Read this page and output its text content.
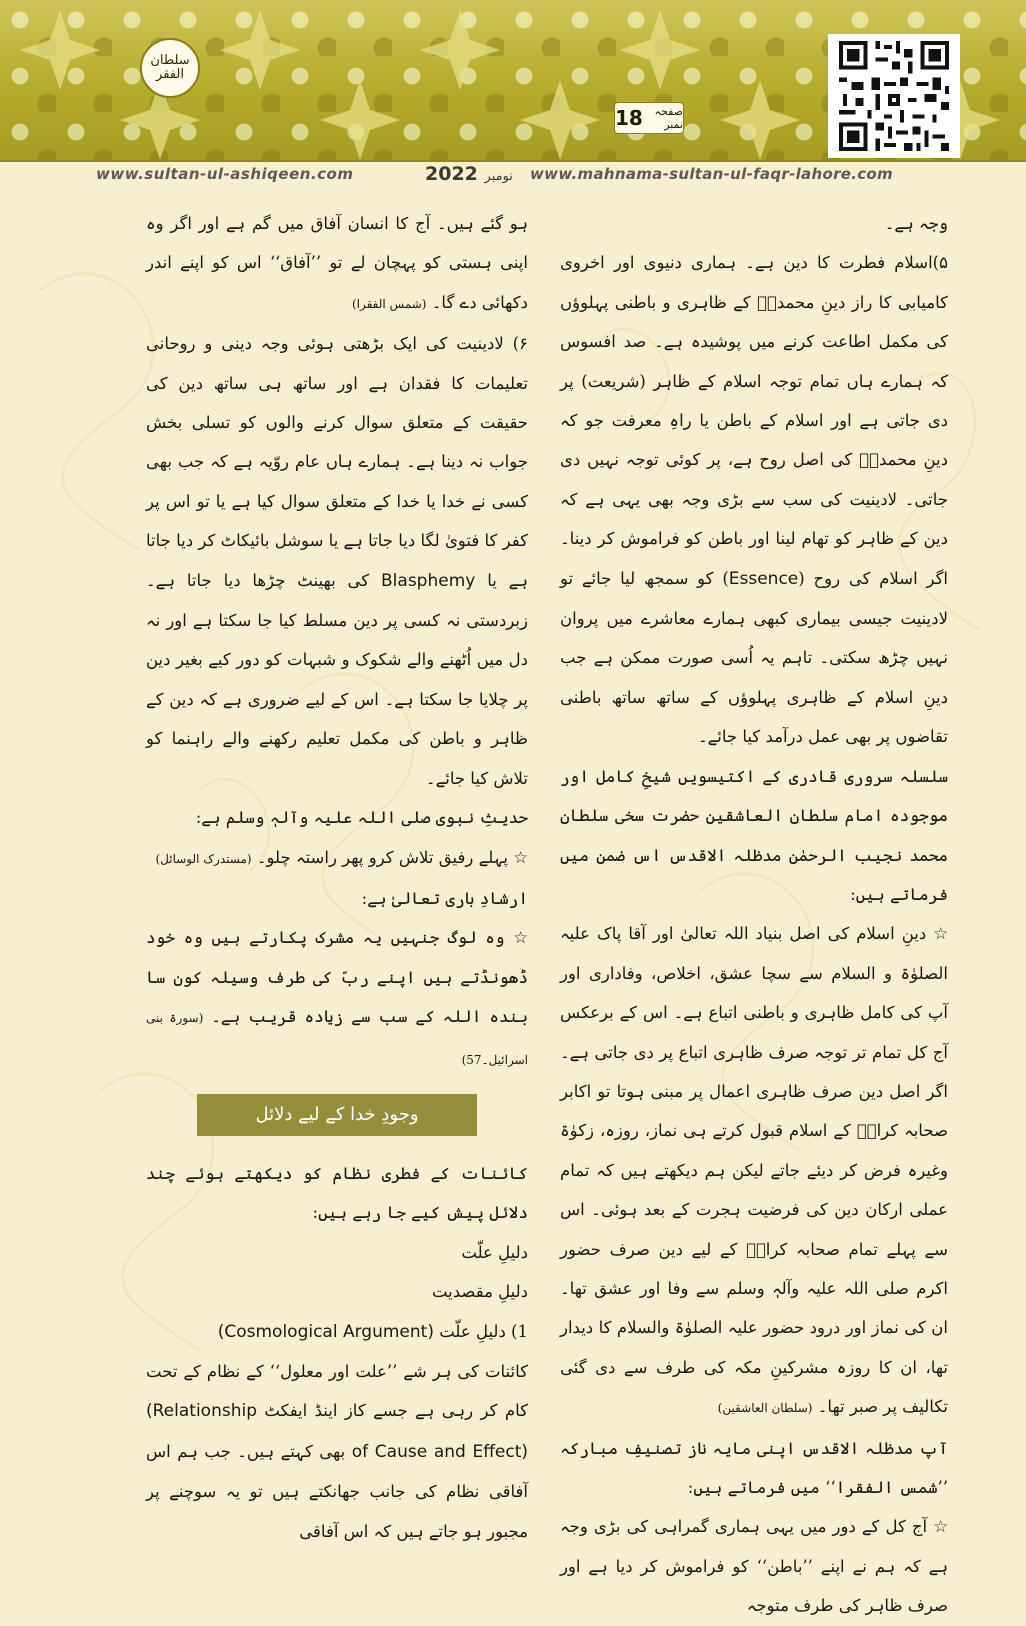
سلطان الفقر
18	صفحہ نمبر
www.sultan-ul-ashiqeen.com	نومبر 2022	www.mahnama-sultan-ul-faqr-lahore.com

وجہ ہے۔

۵)اسلام فطرت کا دین ہے۔ ہماری دنیوی اور اخروی کامیابی کا راز دینِ محمدیؐ کے ظاہری و باطنی پہلوؤں کی مکمل اطاعت کرنے میں پوشیدہ ہے۔ صد افسوس کہ ہمارے ہاں تمام توجہ اسلام کے ظاہر (شریعت) پر دی جاتی ہے اور اسلام کے باطن یا راہِ معرفت جو کہ دینِ محمدیؐ کی اصل روح ہے، پر کوئی توجہ نہیں دی جاتی۔ لادینیت کی سب سے بڑی وجہ بھی یہی ہے کہ دین کے ظاہر کو تھام لینا اور باطن کو فراموش کر دینا۔ اگر اسلام کی روح (Essence) کو سمجھ لیا جائے تو لادینیت جیسی بیماری کبھی ہمارے معاشرے میں پروان نہیں چڑھ سکتی۔ تاہم یہ اُسی صورت ممکن ہے جب دینِ اسلام کے ظاہری پہلوؤں کے ساتھ ساتھ باطنی تقاضوں پر بھی عمل درآمد کیا جائے۔

سلسلہ سروری قادری کے اکتیسویں شیخِ کامل اور موجودہ امام سلطان العاشقین حضرت سخی سلطان محمد نجیب الرحمٰن مدظلہ الاقدس اس ضمن میں فرماتے ہیں:

☆ دینِ اسلام کی اصل بنیاد اللہ تعالیٰ اور آقا پاک علیہ الصلوٰۃ و السلام سے سچا عشق، اخلاص، وفاداری اور آپ کی کامل ظاہری و باطنی اتباع ہے۔ اس کے برعکس آج کل تمام تر توجہ صرف ظاہری اتباع پر دی جاتی ہے۔ اگر اصل دین صرف ظاہری اعمال پر مبنی ہوتا تو اکابر صحابہ کرامؓ کے اسلام قبول کرتے ہی نماز، روزہ، زکوٰۃ وغیرہ فرض کر دیئے جاتے لیکن ہم دیکھتے ہیں کہ تمام عملی ارکان دین کی فرضیت ہجرت کے بعد ہوئی۔ اس سے پہلے تمام صحابہ کرامؓ کے لیے دین صرف حضور اکرم صلی اللہ علیہ وآلہٖ وسلم سے وفا اور عشق تھا۔ ان کی نماز اور درود حضور علیہ الصلوٰۃ والسلام کا دیدار تھا، ان کا روزہ مشرکینِ مکہ کی طرف سے دی گئی تکالیف پر صبر تھا۔ (سلطان العاشقین)

آپ مدظلہ الاقدس اپنی مایہ ناز تصنیفِ مبارکہ ’’شمس الفقرا‘‘ میں فرماتے ہیں:

☆ آج کل کے دور میں یہی ہماری گمراہی کی بڑی وجہ ہے کہ ہم نے اپنے ’’باطن‘‘ کو فراموش کر دیا ہے اور صرف ظاہر کی طرف متوجہ

ہو گئے ہیں۔ آج کا انسان آفاق میں گم ہے اور اگر وہ اپنی ہستی کو پہچان لے تو ’’آفاق‘‘ اس کو اپنے اندر دکھائی دے گا۔ (شمس الفقرا)

۶) لادینیت کی ایک بڑھتی ہوئی وجہ دینی و روحانی تعلیمات کا فقدان ہے اور ساتھ ہی ساتھ دین کی حقیقت کے متعلق سوال کرنے والوں کو تسلی بخش جواب نہ دینا ہے۔ ہمارے ہاں عام روّیہ ہے کہ جب بھی کسی نے خدا یا خدا کے متعلق سوال کیا ہے یا تو اس پر کفر کا فتویٰ لگا دیا جاتا ہے یا سوشل بائیکاٹ کر دیا جاتا ہے یا Blasphemy کی بھینٹ چڑھا دیا جاتا ہے۔ زبردستی نہ کسی پر دین مسلط کیا جا سکتا ہے اور نہ دل میں اُٹھنے والے شکوک و شبہات کو دور کیے بغیر دین پر چلایا جا سکتا ہے۔ اس کے لیے ضروری ہے کہ دین کے ظاہر و باطن کی مکمل تعلیم رکھنے والے راہنما کو تلاش کیا جائے۔

حدیثِ نبوی صلی اللہ علیہ وآلہٖ وسلم ہے:

☆ پہلے رفیق تلاش کرو پھر راستہ چلو۔ (مستدرک الوسائل)

ارشادِ باری تعالیٰ ہے:

☆ وہ لوگ جنہیں یہ مشرک پکارتے ہیں وہ خود ڈھونڈتے ہیں اپنے ربّ کی طرف وسیلہ کون سا بندہ اللہ کے سب سے زیادہ قریب ہے۔ (سورۃ بنی اسرائیل۔57)

وجودِ خدا کے لیے دلائل

کائنات کے فطری نظام کو دیکھتے ہوئے چند دلائل پیش کیے جا رہے ہیں:

دلیلِ علّت

دلیلِ مقصدیت

1) دلیلِ علّت (Cosmological Argument)

کائنات کی ہر شے ’’علت اور معلول‘‘ کے نظام کے تحت کام کر رہی ہے جسے کاز اینڈ ایفکٹ (Relationship of Cause and Effect) بھی کہتے ہیں۔ جب ہم اس آفاقی نظام کی جانب جھانکتے ہیں تو یہ سوچنے پر مجبور ہو جاتے ہیں کہ اس آفاقی
